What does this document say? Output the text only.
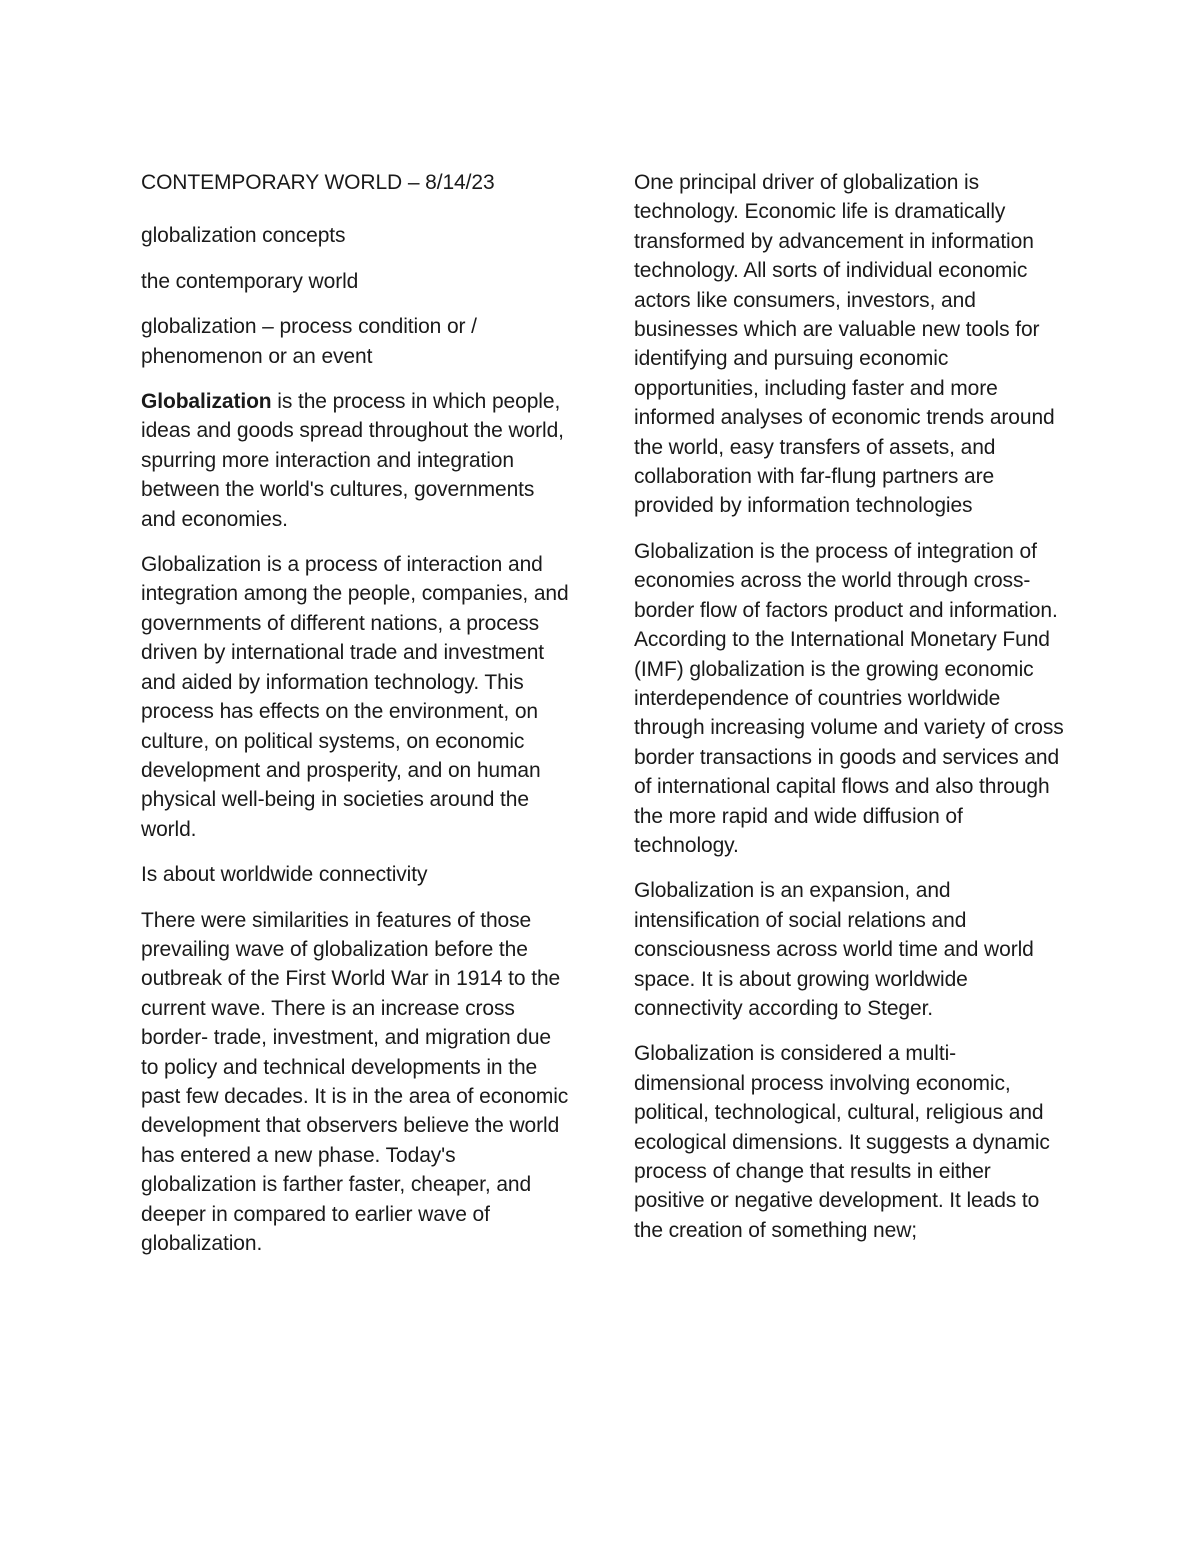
CONTEMPORARY WORLD – 8/14/23

globalization concepts

the contemporary world

globalization – process condition or / phenomenon or an event

Globalization is the process in which people, ideas and goods spread throughout the world, spurring more interaction and integration between the world's cultures, governments and economies.

Globalization is a process of interaction and integration among the people, companies, and governments of different nations, a process driven by international trade and investment and aided by information technology. This process has effects on the environment, on culture, on political systems, on economic development and prosperity, and on human physical well-being in societies around the world.

Is about worldwide connectivity

There were similarities in features of those prevailing wave of globalization before the outbreak of the First World War in 1914 to the current wave. There is an increase cross border- trade, investment, and migration due to policy and technical developments in the past few decades. It is in the area of economic development that observers believe the world has entered a new phase. Today's globalization is farther faster, cheaper, and deeper in compared to earlier wave of globalization.

One principal driver of globalization is technology. Economic life is dramatically transformed by advancement in information technology. All sorts of individual economic actors like consumers, investors, and businesses which are valuable new tools for identifying and pursuing economic opportunities, including faster and more informed analyses of economic trends around the world, easy transfers of assets, and collaboration with far-flung partners are provided by information technologies

Globalization is the process of integration of economies across the world through cross-border flow of factors product and information. According to the International Monetary Fund (IMF) globalization is the growing economic interdependence of countries worldwide through increasing volume and variety of cross border transactions in goods and services and of international capital flows and also through the more rapid and wide diffusion of technology.

Globalization is an expansion, and intensification of social relations and consciousness across world time and world space. It is about growing worldwide connectivity according to Steger.

Globalization is considered a multi-dimensional process involving economic, political, technological, cultural, religious and ecological dimensions. It suggests a dynamic process of change that results in either positive or negative development. It leads to the creation of something new;
